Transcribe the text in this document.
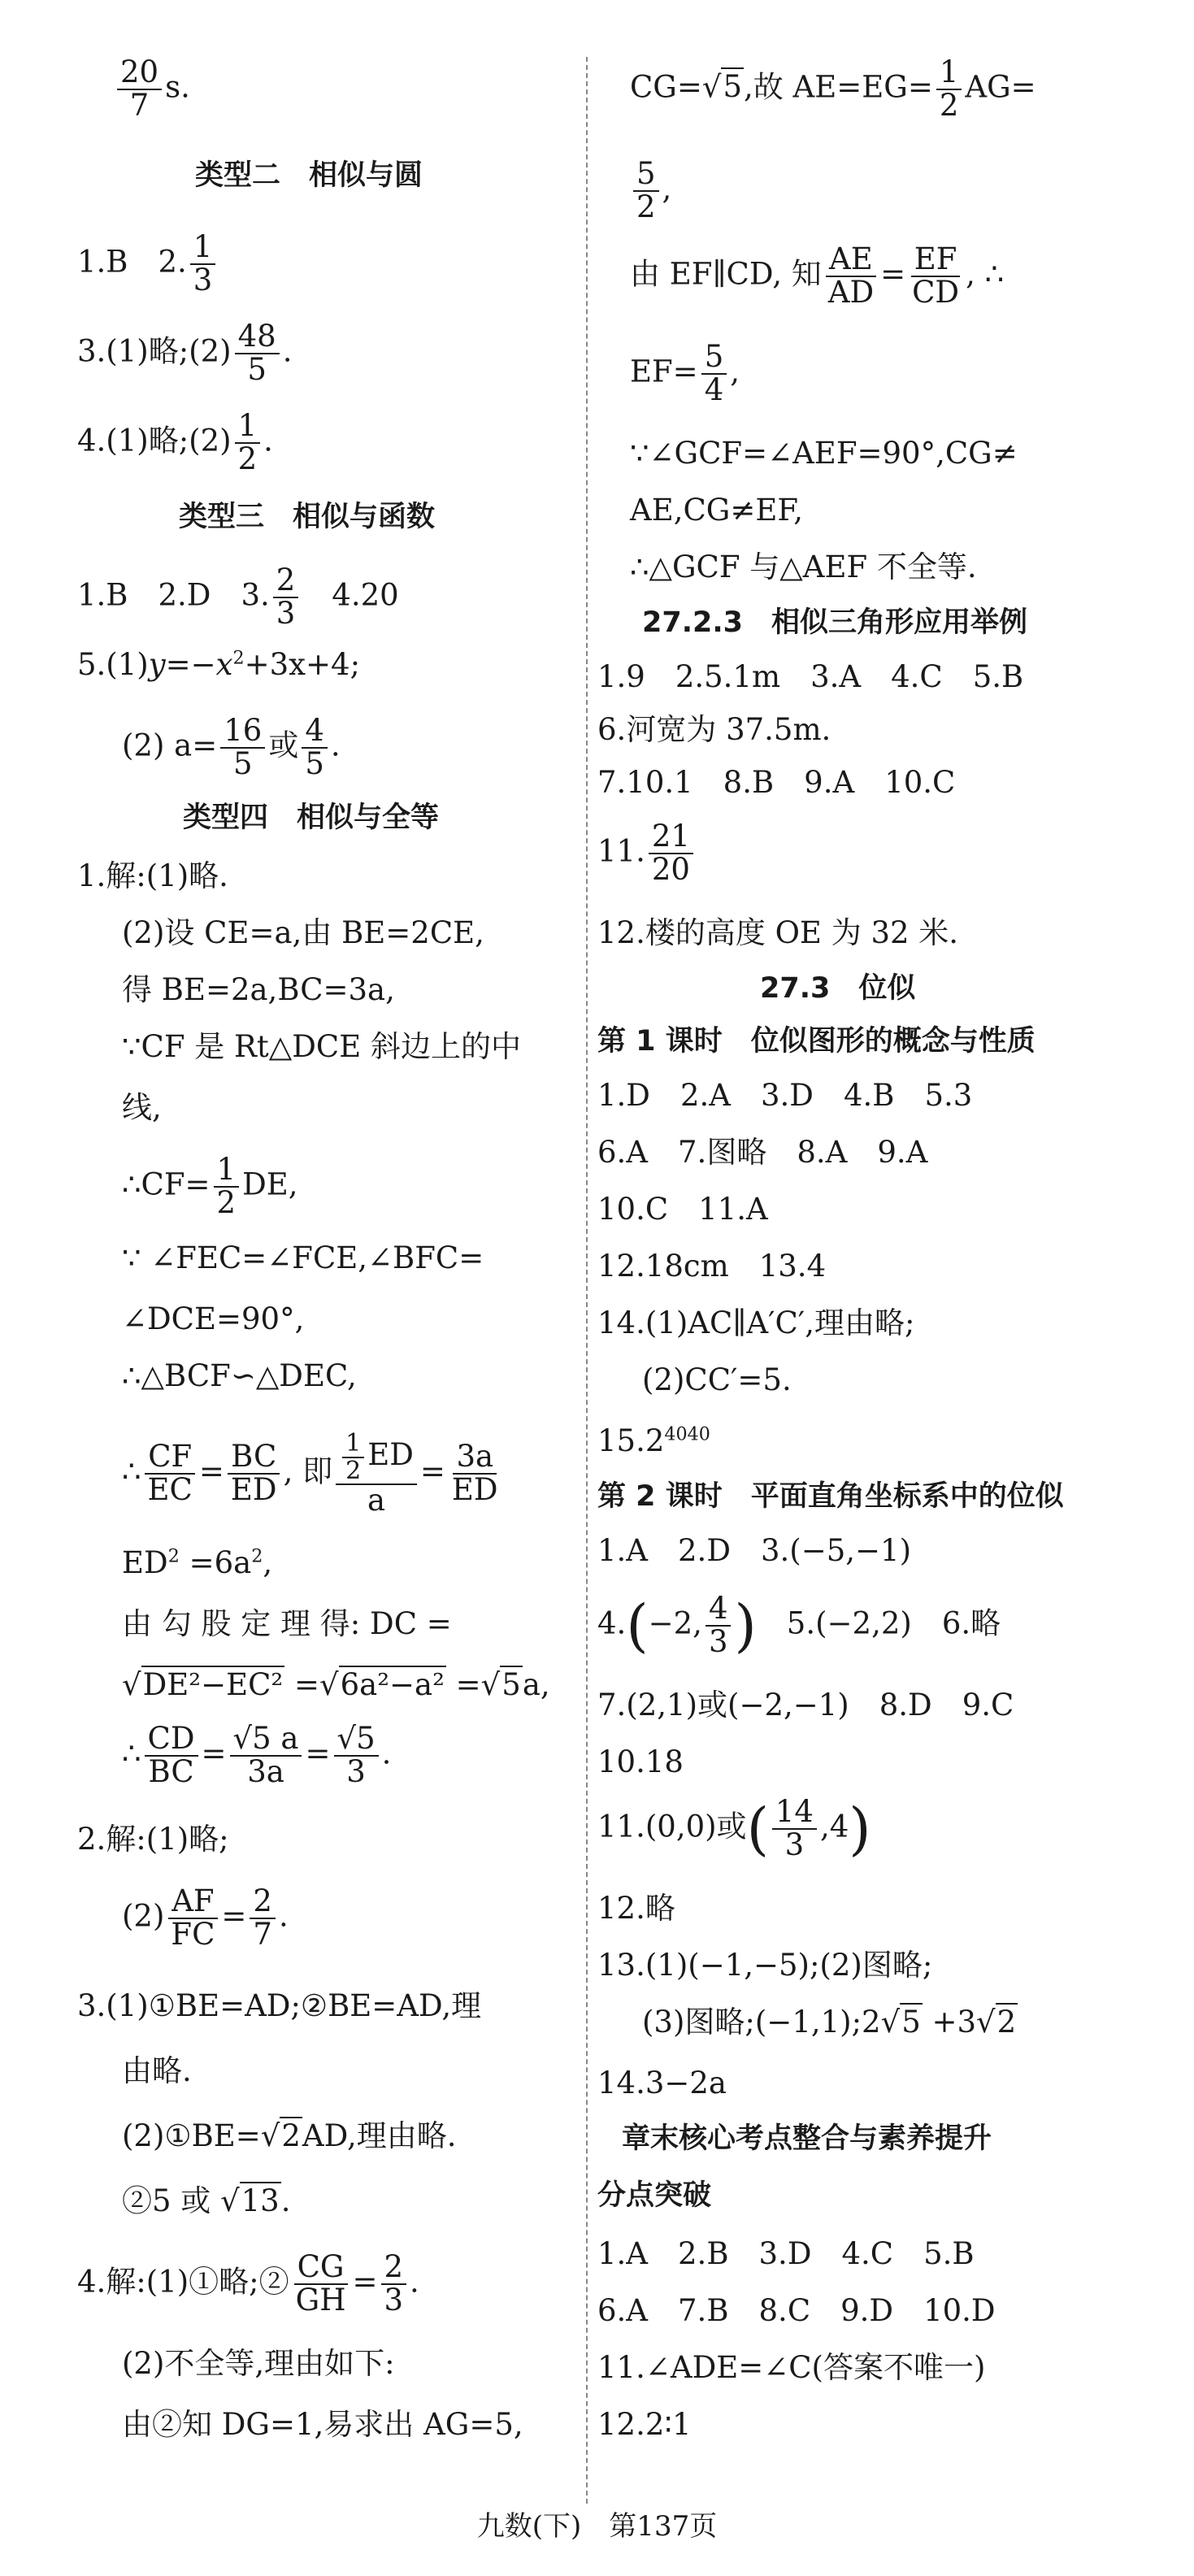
$\frac{20}{7} s$.
类型二　相似与圆
1.B　2. $\frac{1}{3}$
3.(1)略;(2) $\frac{48}{5}$ .
4.(1)略;(2) $\frac{1}{2}$ .
类型三　相似与函数
1.B　2.D　3. $\frac{2}{3}$ 　4.20
$5.(1)y=-x^2+3x+4$;
(2) $a= \frac{16}{5}$ 或 $\frac{4}{5}$ .
类型四　相似与全等
1.解:(1)略.
(2)设 CE=a,由 BE=2CE,
得 BE=2a,BC=3a,
∵CF 是 Rt△DCE 斜边上的中
线,
∴CF= $\frac{1}{2}$ DE,
∵ ∠FEC=∠FCE,∠BFC=
∠DCE=90°,
∴△BCF∽△DEC,
∴ $\frac{CF}{EC} = \frac{BC}{ED}$ , 即 $\frac{\frac{1}{2} ED}{a} = \frac{3a}{ED}$
$ED^2 =6a^2$,
由 勾 股 定 理 得: DC =
√DE²−EC² =√6a²−a² =√5a,
∴ $\frac{CD}{BC} = \frac{√5 a}{3a} = \frac{√5}{3}$ .
2.解:(1)略;
$(2) \frac{AF}{FC} = \frac{2}{7}$ .
3.(1)①BE=AD;②BE=AD,理
由略.
(2)①BE=√2AD,理由略.
②5 或 √13.
4.解:(1)①略;② $\frac{CG}{GH} = \frac{2}{3}$ .
(2)不全等,理由如下:
由②知 DG=1,易求出 AG=5,
CG=√5,故 $AE=EG= \frac{1}{2} AG=$
$\frac{5}{2}$ ,
由 EF∥CD, 知 $\frac{AE}{AD} = \frac{EF}{CD}$ , ∴
$EF= \frac{5}{4}$ ,
∵∠GCF=∠AEF=90°,CG≠
AE,CG≠EF,
∴△GCF 与△AEF 不全等.
27.2.3　相似三角形应用举例
1.9　2.5.1m　3.A　4.C　5.B
6.河宽为 37.5m.
7.10.1　8.B　9.A　10.C
11. $\frac{21}{20}$
12.楼的高度 OE 为 32 米.
27.3　位似
第 1 课时　位似图形的概念与性质
1.D　2.A　3.D　4.B　5.3
6.A　7.图略　8.A　9.A
10.C　11.A
12.18cm　13.4
14.(1)AC∥A′C′,理由略;
(2)CC′=5.
$15.2^{4040}$
第 2 课时　平面直角坐标系中的位似
1.A　2.D　3.(−5,−1)
4.(−2, $\frac{4}{3}$ )　5.(−2,2)　6.略
7.(2,1)或(−2,−1)　8.D　9.C
10.18
11.(0,0)或( $\frac{14}{3} ,4$)
12.略
13.(1)(−1,−5);(2)图略;
(3)图略;(−1,1);2√5 +3√2
14.3−2a
章末核心考点整合与素养提升
分点突破
1.A　2.B　3.D　4.C　5.B
6.A　7.B　8.C　9.D　10.D
11.∠ADE=∠C(答案不唯一)
12.2∶1
九数(下)　第137页
